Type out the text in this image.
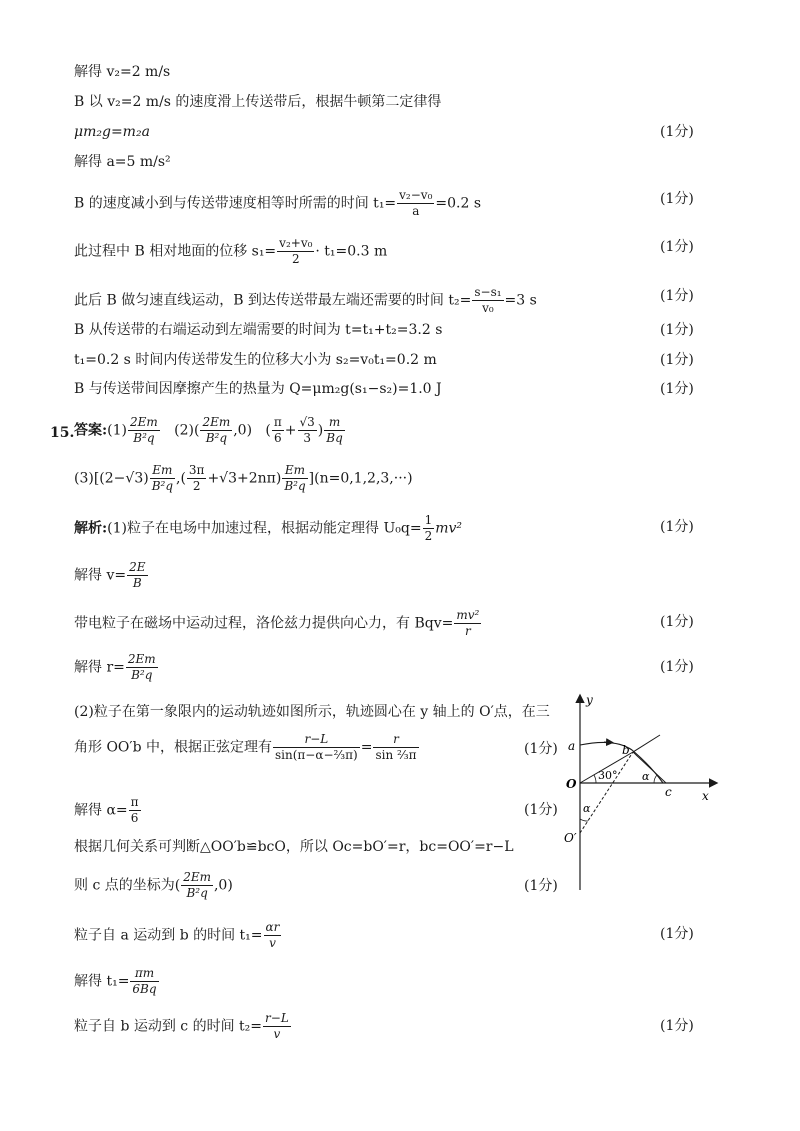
解得 v₂=2 m/s
B 以 v₂=2 m/s 的速度滑上传送带后，根据牛顿第二定律得
μm₂g=m₂a	(1分)
解得 a=5 m/s²
B 的速度减小到与传送带速度相等时所需的时间 $t_1= \frac{\text{v₂−v₀}}{a} =0.2$ s	(1分)
此过程中 B 相对地面的位移 $s_1= \frac{\text{v₂+v₀}}{2} \cdot t_1=0.3$ m	(1分)
此后 B 做匀速直线运动，B 到达传送带最左端还需要的时间 $t_2= \frac{\text{s−s₁}}{\text{v₀}} =3$ s	(1分)
B 从传送带的右端运动到左端需要的时间为 t=t₁+t₂=3.2 s	(1分)
t₁=0.2 s 时间内传送带发生的位移大小为 s₂=v₀t₁=0.2 m	(1分)
B 与传送带间因摩擦产生的热量为 Q=μm₂g(s₁−s₂)=1.0 J	(1分)
15. 答案:(1) $\frac{2Em}{\text{B²q}} (2)( \frac{2Em}{\text{B²q}} ,0)$ ( $\frac{\pi}{6} + \frac{√3}{3}$ ) $\frac{m}{Bq}$
$(3)[(2-√3) \frac{Em}{\text{B²q}}$ ,( $\frac{3\pi}{2} +√3+2n\pi) \frac{Em}{\text{B²q}} ](n=0,1,2,3,\cdot\cdot\cdot)$
解析:(1)粒子在电场中加速过程，根据动能定理得 $U_0q= \frac{1}{2} mv^2$	(1分)
解得 $v= \frac{2E}{B}$
带电粒子在磁场中运动过程，洛伦兹力提供向心力，有 $Bqv= \frac{\text{mv²}}{r}$	(1分)
解得 $r= \frac{2Em}{\text{B²q}}$	(1分)
(2)粒子在第一象限内的运动轨迹如图所示，轨迹圆心在 y 轴上的 O′点，在三
角形 OO′b 中，根据正弦定理有 $\frac{r-L}{\text{sin(π−α−⅔π)}} = \frac{r}{\text{sin ⅔π}}$	(1分)
解得 $\alpha= \frac{\pi}{6}$	(1分)
根据几何关系可判断△OO′b≌bcO，所以 Oc=bO′=r，bc=OO′=r−L
则 c 点的坐标为( $\frac{2Em}{\text{B²q}} ,0$)	(1分)
粒子自 a 运动到 b 的时间 $t_1= \frac{\alpha r}{v}$	(1分)
解得 $t_1= \frac{\pi m}{6Bq}$
粒子自 b 运动到 c 的时间 $t_2= \frac{r-L}{v}$	(1分)
y
x
O
a	b
c
O′
30° α
α
